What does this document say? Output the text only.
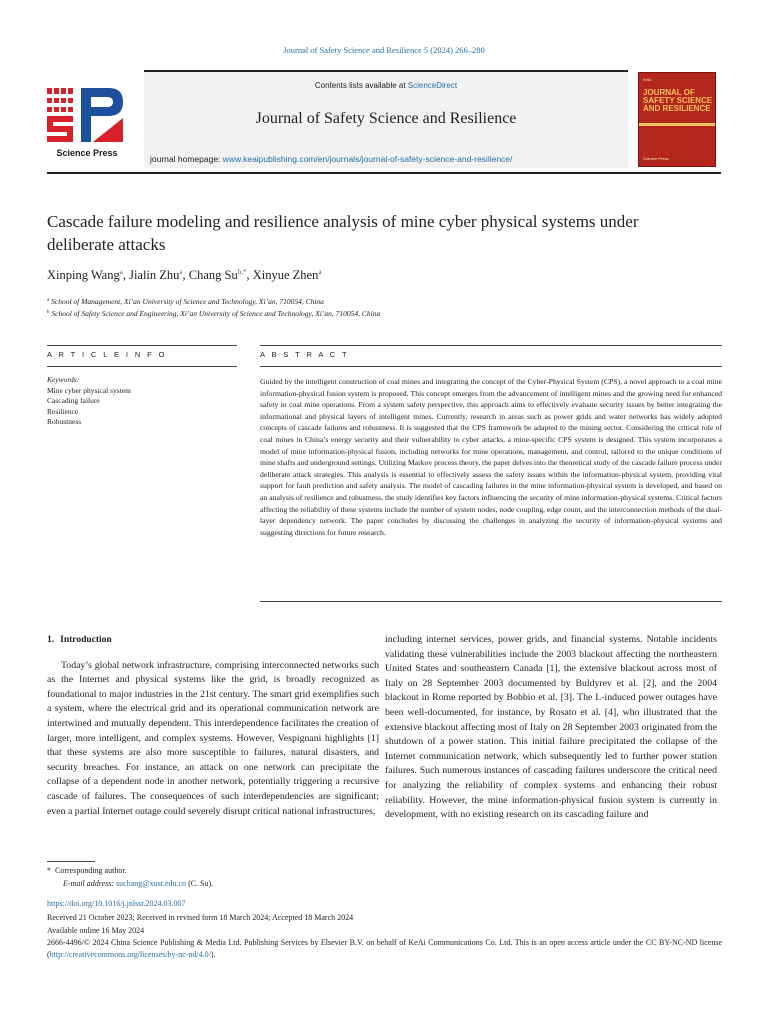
Journal of Safety Science and Resilience 5 (2024) 266–280
Science Press
Contents lists available at ScienceDirect
Journal of Safety Science and Resilience
journal homepage: www.keaipublishing.com/en/journals/journal-of-safety-science-and-resilience/
KeAi
JOURNAL OF SAFETY SCIENCE AND RESILIENCE
Science Press
Cascade failure modeling and resilience analysis of mine cyber physical systems under deliberate attacks
Xinping Wang$^a$, Jialin Zhu$^a$, Chang $Su^{b,*}$, Xinyue Zhen$^a$
$^a$ School of Management, Xi’an University of Science and Technology, Xi’an, 710054, China
$^b$ School of Safety Science and Engineering, Xi’an University of Science and Technology, Xi’an, 710054, China
A R T I C L E I N F O	A B S T R A C T
Keywords:
Mine cyber physical system
Cascading failure
Resilience
Robustness
Guided by the intelligent construction of coal mines and integrating the concept of the Cyber-Physical System (CPS), a novel approach to a coal mine information-physical fusion system is proposed. This concept emerges from the advancement of intelligent mines and the growing need for enhanced safety in coal mine operations. From a system safety perspective, this approach aims to effectively evaluate security issues by better integrating the informational and physical layers of intelligent mines. Currently, research in areas such as power grids and water networks has widely adopted concepts of cascade failures and robustness. It is suggested that the CPS framework be adapted to the mining sector. Considering the critical role of coal mines in China’s energy security and their vulnerability to cyber attacks, a mine-specific CPS system is designed. This system incorporates a model of mine information-physical fusion, including networks for mine operations, management, and control, tailored to the unique conditions of mine shafts and underground settings. Utilizing Markov process theory, the paper delves into the theoretical study of the cascade failure process under deliberate attack strategies. This analysis is essential to effectively assess the safety issues within the information-physical system, providing vital support for fault prediction and safety analysis. The model of cascading failures in the mine information-physical system is developed, and based on an analysis of resilience and robustness, the study identifies key factors influencing the security of mine information-physical systems. Critical factors affecting the reliability of these systems include the number of system nodes, node coupling, edge count, and the interconnection methods of the dual-layer dependency network. The paper concludes by discussing the challenges in analyzing the security of information-physical systems and suggesting directions for future research.
1. Introduction

Today’s global network infrastructure, comprising interconnected networks such as the Internet and physical systems like the grid, is broadly recognized as foundational to major industries in the 21st century. The smart grid exemplifies such a system, where the electrical grid and its operational communication network are intertwined and mutually dependent. This interdependence facilitates the creation of larger, more intelligent, and complex systems. However, Vespignani highlights [1] that these systems are also more susceptible to failures, natural disasters, and security breaches. For instance, an attack on one network can precipitate the collapse of a dependent node in another network, potentially triggering a recursive cascade of failures. The consequences of such interdependencies are significant; even a partial Internet outage could severely disrupt critical national infrastructures,

including internet services, power grids, and financial systems. Notable incidents validating these vulnerabilities include the 2003 blackout affecting the northeastern United States and southeastern Canada [1], the extensive blackout across most of Italy on 28 September 2003 documented by Buldyrev et al. [2], and the 2004 blackout in Rome reported by Bobbio et al. [3]. The L-induced power outages have been well-documented, for instance, by Rosato et al. [4], who illustrated that the extensive blackout affecting most of Italy on 28 September 2003 originated from the shutdown of a power station. This initial failure precipitated the collapse of the Internet communication network, which subsequently led to further power station failures. Such numerous instances of cascading failures underscore the critical need for analyzing the reliability of complex systems and enhancing their robust reliability. However, the mine information-physical fusion system is currently in development, with no existing research on its cascading failure and

* Corresponding author.
E-mail address: suchang@xust.edu.cn (C. Su).
https://doi.org/10.1016/j.jnlssr.2024.03.007
Received 21 October 2023; Received in revised form 18 March 2024; Accepted 18 March 2024
Available online 16 May 2024
2666-4496/© 2024 China Science Publishing & Media Ltd. Publishing Services by Elsevier B.V. on behalf of KeAi Communications Co. Ltd. This is an open access article under the CC BY-NC-ND license (http://creativecommons.org/licenses/by-nc-nd/4.0/).
